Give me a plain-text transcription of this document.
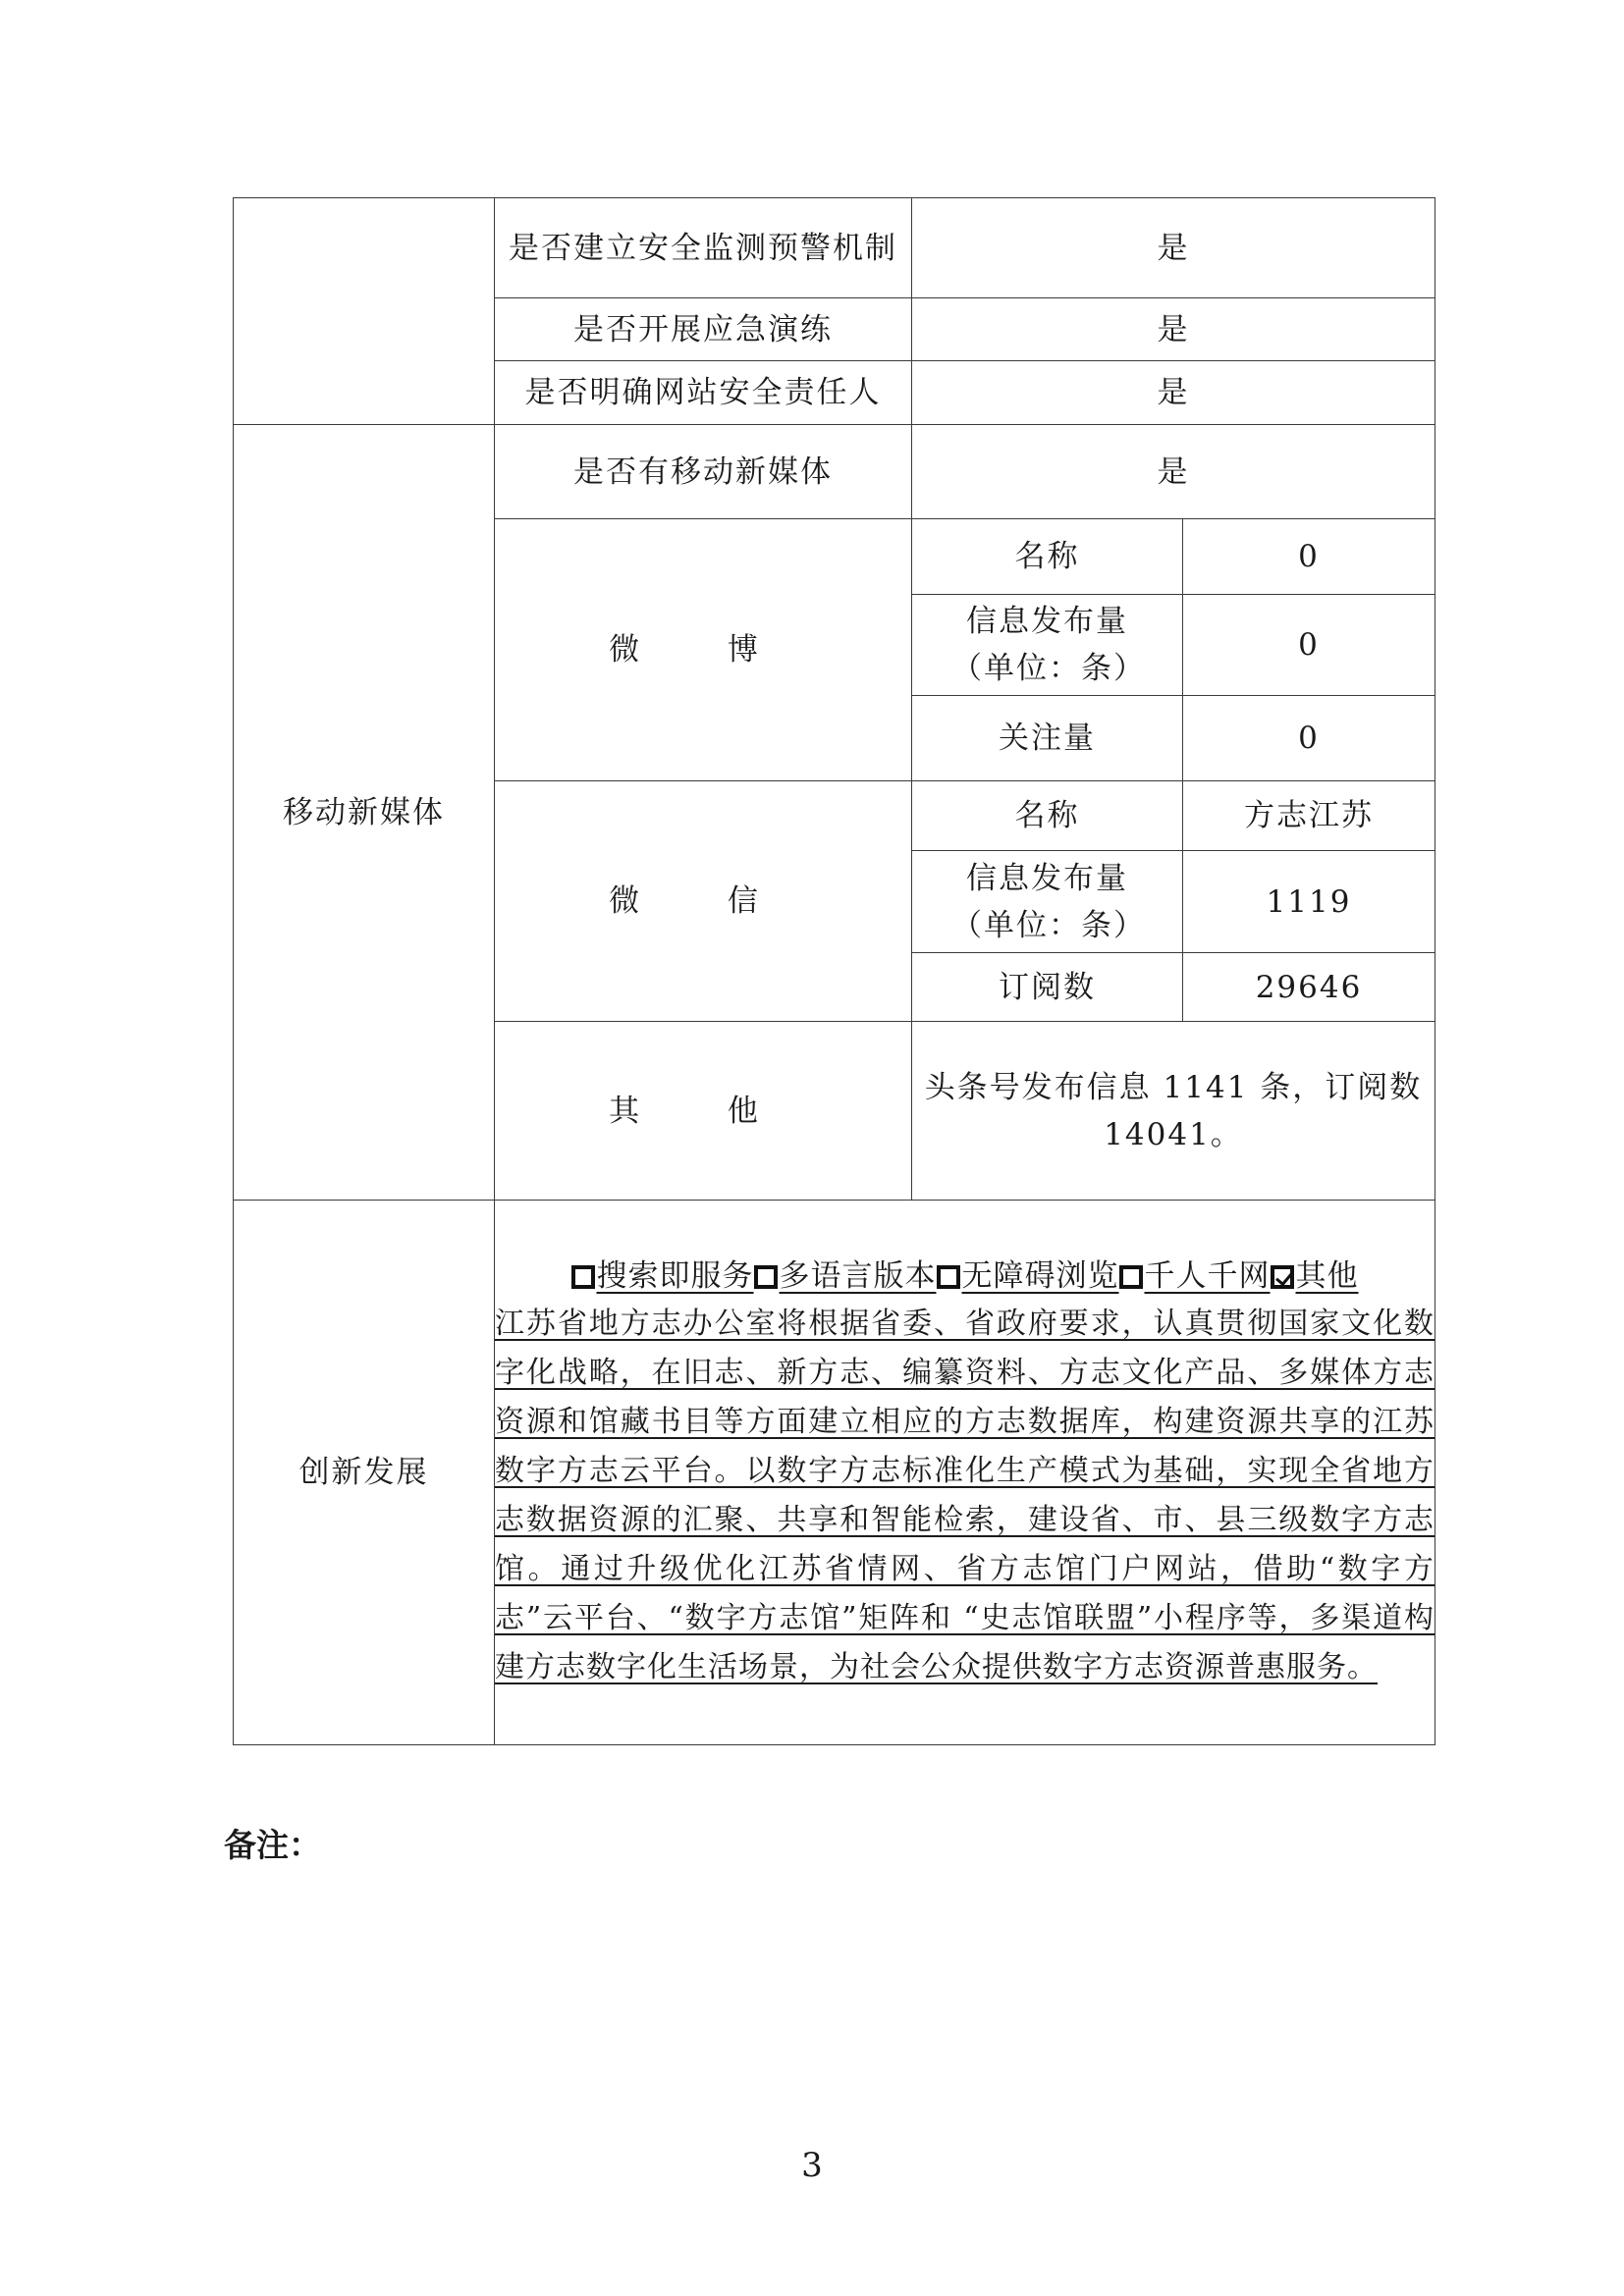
	是否建立安全监测预警机制	是	
	是否开展应急演练	是	
	是否明确网站安全责任人	是	
移动新媒体	是否有移动新媒体	是	
	微 博	名称	0
		信息发布量（单位：条）	0
		关注量	0
	微 信	名称	方志江苏
		信息发布量（单位：条）	1119
		订阅数	29646
	其 他	头条号发布信息 1141 条，订阅数 14041。	
创新发展	搜索即服务 多语言版本 无障碍浏览 千人千网 其他
江苏省地方志办公室将根据省委、省政府要求，认真贯彻国家文化数字化战略，在旧志、新方志、编纂资料、方志文化产品、多媒体方志资源和馆藏书目等方面建立相应的方志数据库，构建资源共享的江苏数字方志云平台。以数字方志标准化生产模式为基础，实现全省地方志数据资源的汇聚、共享和智能检索，建设省、市、县三级数字方志馆。通过升级优化江苏省情网、省方志馆门户网站，借助“数字方志”云平台、“数字方志馆”矩阵和 “史志馆联盟”小程序等，多渠道构建方志数字化生活场景，为社会公众提供数字方志资源普惠服务。		
备注：
3
